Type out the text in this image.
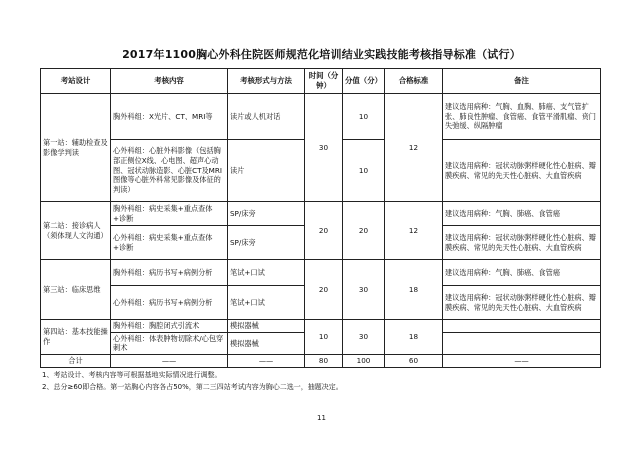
2017年1100胸心外科住院医师规范化培训结业实践技能考核指导标准（试行）
考站设计	考核内容	考核形式与方法	时间（分钟）	分值（分）	合格标准	备注
第一站：辅助检查及影像学判读	胸外科组：X光片、CT、MRI等	读片或人机对话	30	10	12	建议选用病种：气胸、血胸、肺癌、支气管扩张、肺良性肿瘤、食管癌、食管平滑肌瘤、贲门失弛缓、纵隔肿瘤
	心外科组：心脏外科影像（包括胸部正侧位X线、心电图、超声心动图、冠状动脉造影、心脏CT及MRI图像等心脏外科常见影像及体征的判读）	读片		10		建议选用病种：冠状动脉粥样硬化性心脏病、瓣膜疾病、常见的先天性心脏病、大血管疾病
第二站：接诊病人（须体现人文沟通）	胸外科组：病史采集+重点查体+诊断	SP/床旁	20	20	12	建议选用病种：气胸、肺癌、食管癌
	心外科组：病史采集+重点查体+诊断	SP/床旁				建议选用病种：冠状动脉粥样硬化性心脏病、瓣膜疾病、常见的先天性心脏病、大血管疾病
第三站：临床思维	胸外科组：病历书写+病例分析	笔试+口试	20	30	18	建议选用病种：气胸、肺癌、食管癌
	心外科组：病历书写+病例分析	笔试+口试				建议选用病种：冠状动脉粥样硬化性心脏病、瓣膜疾病、常见的先天性心脏病、大血管疾病
第四站：基本技能操作	胸外科组：胸腔闭式引流术	模拟器械	10	30	18	
	心外科组：体表肿物切除术/心包穿刺术	模拟器械				
合计	——	——	80	100	60	——
1、考站设计、考核内容等可根据基地实际情况进行调整。
2、总分≥60即合格。第一站胸心内容各占50%，第二三四站考试内容为胸心二选一，抽题决定。
11
